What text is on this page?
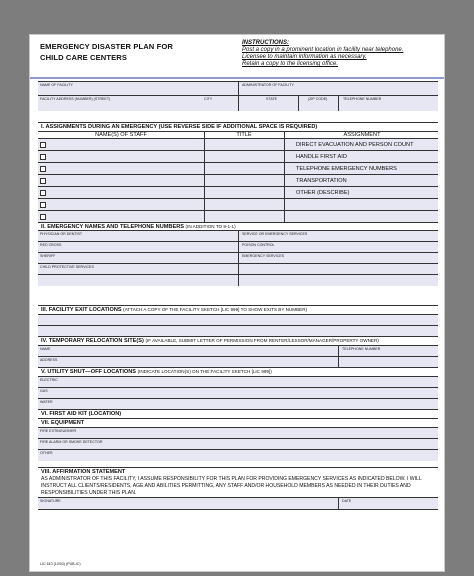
EMERGENCY DISASTER PLAN FOR
CHILD CARE CENTERS
INSTRUCTIONS:
Post a copy in a prominent location in facility near telephone.
Licensee to maintain information as necessary.
Retain a copy to the licensing office.
NAME OF FACILITY	ADMINISTRATOR OF FACILITY
FACILITY ADDRESS (NUMBER) (STREET)	CITY	STATE	(ZIP CODE)	TELEPHONE NUMBER
I. ASSIGNMENTS DURING AN EMERGENCY (USE REVERSE SIDE IF ADDITIONAL SPACE IS REQUIRED)
NAME(S) OF STAFF	TITLE	ASSIGNMENT
DIRECT EVACUATION AND PERSON COUNT
HANDLE FIRST AID
TELEPHONE EMERGENCY NUMBERS
TRANSPORTATION
OTHER (DESCRIBE)
II. EMERGENCY NAMES AND TELEPHONE NUMBERS (IN ADDITION TO 9-1-1)
PHYSICIAN OR DENTIST	SERVICE OR EMERGENCY SERVICES
RED CROSS	POISON CONTROL
SHERIFF	EMERGENCY SERVICES
CHILD PROTECTIVE SERVICES
III. FACILITY EXIT LOCATIONS (ATTACH A COPY OF THE FACILITY SKETCH [LIC 999] TO SHOW EXITS BY NUMBER)
IV. TEMPORARY RELOCATION SITE(S) (IF AVAILABLE, SUBMIT LETTER OF PERMISSION FROM RENTER/LESSOR/MANAGER/PROPERTY OWNER)
NAME	TELEPHONE NUMBER
ADDRESS
V. UTILITY SHUT—OFF LOCATIONS (INDICATE LOCATION(S) ON THE FACILITY SKETCH [LIC 999])
ELECTRIC
GAS
WATER
VI. FIRST AID KIT (LOCATION)
VII. EQUIPMENT
FIRE EXTINGUISHER
FIRE ALARM OR SMOKE DETECTOR
OTHER
VIII. AFFIRMATION STATEMENT
AS ADMINISTRATOR OF THIS FACILITY, I ASSUME RESPONSIBILITY FOR THIS PLAN FOR PROVIDING EMERGENCY SERVICES AS INDICATED BELOW. I WILL INSTRUCT ALL CLIENTS/RESIDENTS, AGE AND ABILITIES PERMITTING, ANY STAFF AND/OR HOUSEHOLD MEMBERS AS NEEDED IN THEIR DUTIES AND RESPONSIBILITIES UNDER THIS PLAN.
SIGNATURE	DATE
LIC 610 (10/03) (PUB-IC)
